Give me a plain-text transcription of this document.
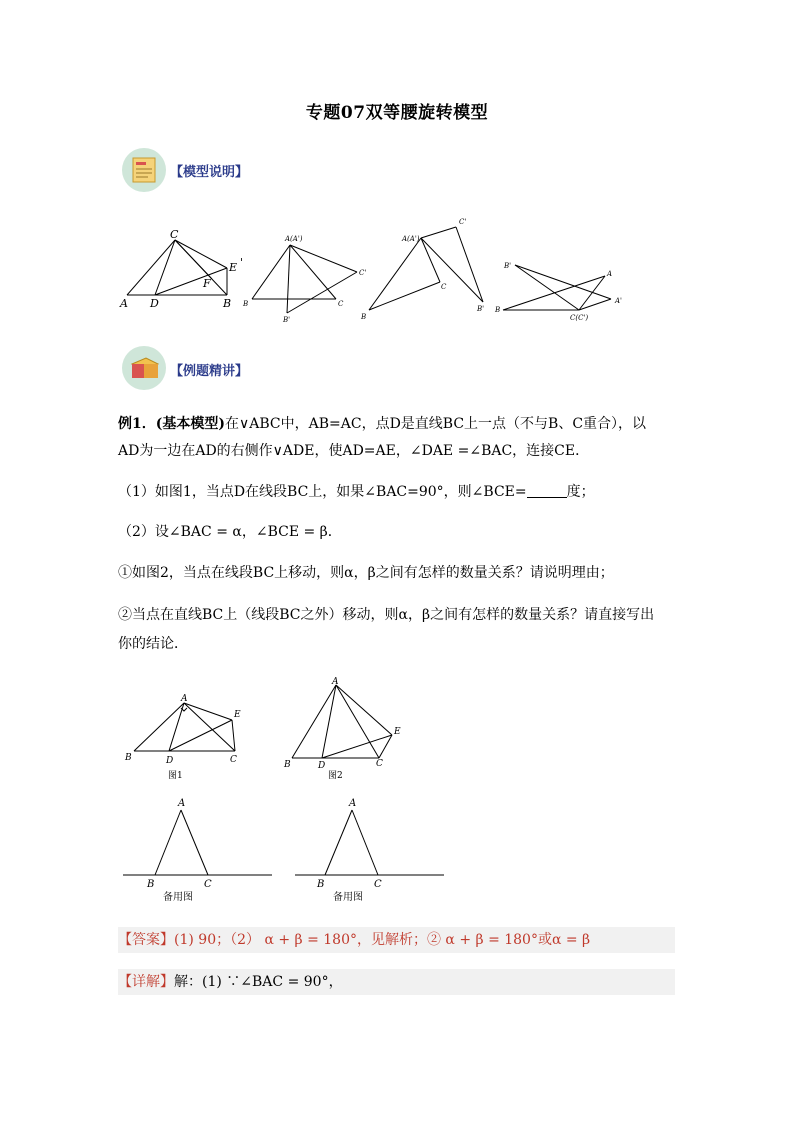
专题07双等腰旋转模型
【模型说明】
C
E '
F
A D	B
A(A')
C'
B	C
B'
C'
A(A')
C
B
B'
B'
A
A'
B
C(C')
【例题精讲】
例1．(基本模型)在∨ABC中，AB=AC，点D是直线BC上一点（不与B、C重合），以
AD为一边在AD的右侧作∨ADE，使AD=AE，∠DAE =∠BAC，连接CE．
（1）如图1，当点D在线段BC上，如果∠BAC=90°，则∠BCE=	度；
（2）设∠BAC = α，∠BCE = β．
①如图2，当点在线段BC上移动，则α，β之间有怎样的数量关系？请说明理由；
②当点在直线BC上（线段BC之外）移动，则α，β之间有怎样的数量关系？请直接写出
你的结论．
A
E
B	D	C
图1
A
E
B	D	C
图2
A
B	C
备用图
A
B	C
备用图
【答案】(1) 90；（2） α + β = 180°，见解析；② α + β = 180°或α = β
【详解】解：(1) ∵∠BAC = 90°，
